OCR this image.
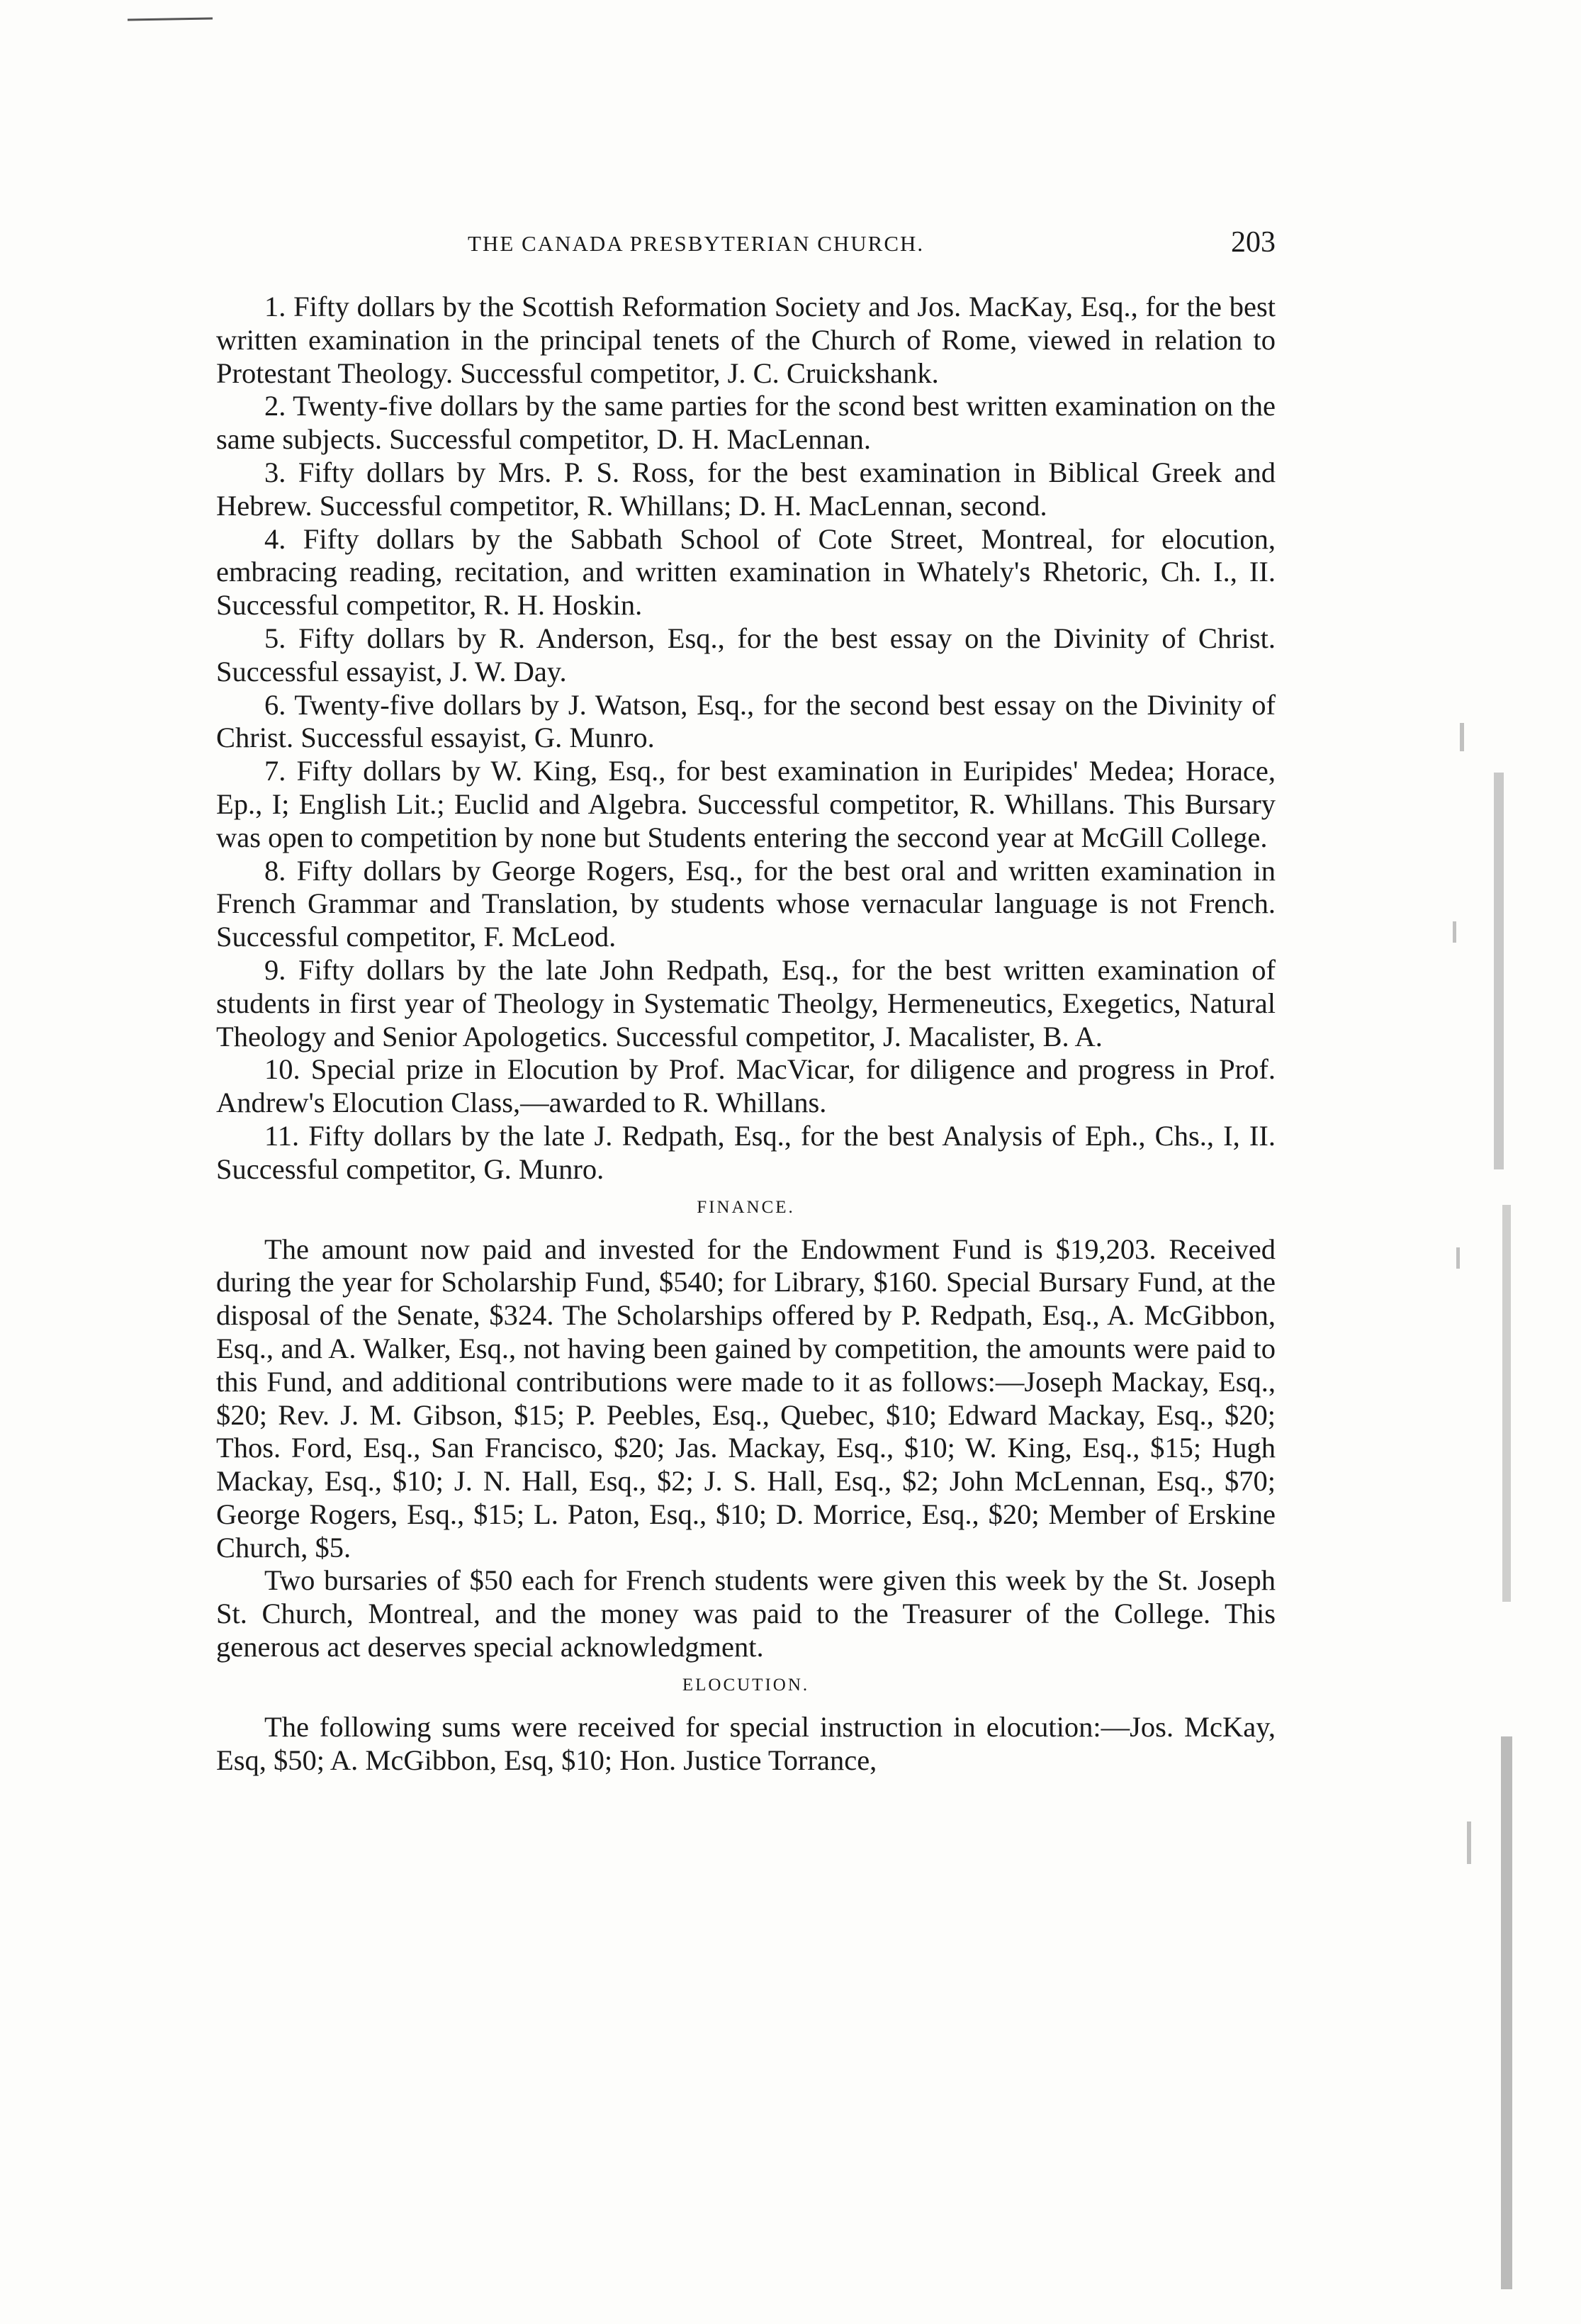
THE CANADA PRESBYTERIAN CHURCH.	203

1. Fifty dollars by the Scottish Reformation Society and Jos. MacKay, Esq., for the best written examination in the principal tenets of the Church of Rome, viewed in relation to Protestant Theology. Successful competitor, J. C. Cruickshank.

2. Twenty-five dollars by the same parties for the scond best written examination on the same subjects. Successful competitor, D. H. MacLennan.

3. Fifty dollars by Mrs. P. S. Ross, for the best examination in Biblical Greek and Hebrew. Successful competitor, R. Whillans; D. H. MacLennan, second.

4. Fifty dollars by the Sabbath School of Cote Street, Montreal, for elocution, embracing reading, recitation, and written examination in Whately's Rhetoric, Ch. I., II. Successful competitor, R. H. Hoskin.

5. Fifty dollars by R. Anderson, Esq., for the best essay on the Divinity of Christ. Successful essayist, J. W. Day.

6. Twenty-five dollars by J. Watson, Esq., for the second best essay on the Divinity of Christ. Successful essayist, G. Munro.

7. Fifty dollars by W. King, Esq., for best examination in Euripides' Medea; Horace, Ep., I; English Lit.; Euclid and Algebra. Successful competitor, R. Whillans. This Bursary was open to competition by none but Students entering the seccond year at McGill College.

8. Fifty dollars by George Rogers, Esq., for the best oral and written examination in French Grammar and Translation, by students whose vernacular language is not French. Successful competitor, F. McLeod.

9. Fifty dollars by the late John Redpath, Esq., for the best written examination of students in first year of Theology in Systematic Theolgy, Hermeneutics, Exegetics, Natural Theology and Senior Apologetics. Successful competitor, J. Macalister, B. A.

10. Special prize in Elocution by Prof. MacVicar, for diligence and progress in Prof. Andrew's Elocution Class,—awarded to R. Whillans.

11. Fifty dollars by the late J. Redpath, Esq., for the best Analysis of Eph., Chs., I, II. Successful competitor, G. Munro.

FINANCE.

The amount now paid and invested for the Endowment Fund is $19,203. Received during the year for Scholarship Fund, $540; for Library, $160. Special Bursary Fund, at the disposal of the Senate, $324. The Scholarships offered by P. Redpath, Esq., A. McGibbon, Esq., and A. Walker, Esq., not having been gained by competition, the amounts were paid to this Fund, and additional contributions were made to it as follows:—Joseph Mackay, Esq., $20; Rev. J. M. Gibson, $15; P. Peebles, Esq., Quebec, $10; Edward Mackay, Esq., $20; Thos. Ford, Esq., San Francisco, $20; Jas. Mackay, Esq., $10; W. King, Esq., $15; Hugh Mackay, Esq., $10; J. N. Hall, Esq., $2; J. S. Hall, Esq., $2; John McLennan, Esq., $70; George Rogers, Esq., $15; L. Paton, Esq., $10; D. Morrice, Esq., $20; Member of Erskine Church, $5.

Two bursaries of $50 each for French students were given this week by the St. Joseph St. Church, Montreal, and the money was paid to the Treasurer of the College. This generous act deserves special acknowledgment.

ELOCUTION.

The following sums were received for special instruction in elocution:—Jos. McKay, Esq, $50; A. McGibbon, Esq, $10; Hon. Justice Torrance,
